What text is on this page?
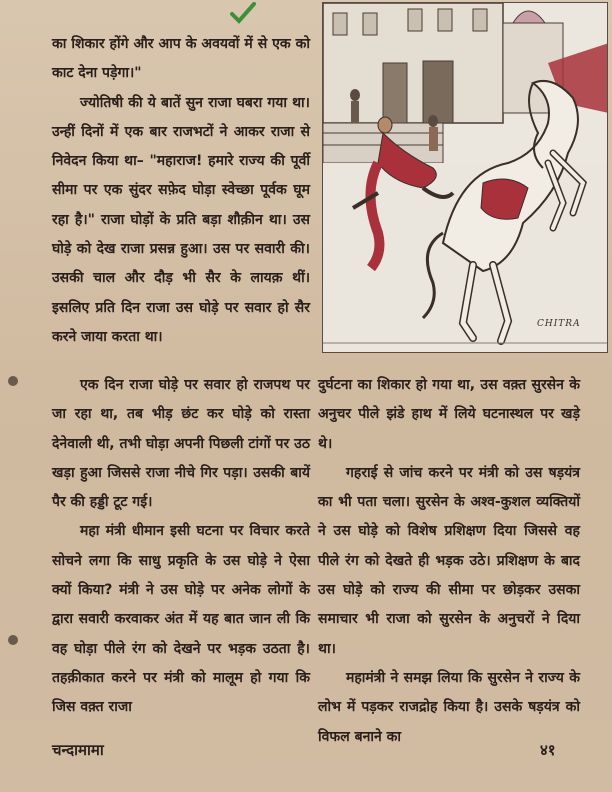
का शिकार होंगे और आप के अवयवों में से एक को काट देना पड़ेगा।"

ज्योतिषी की ये बातें सुन राजा घबरा गया था। उन्हीं दिनों में एक बार राजभटों ने आकर राजा से निवेदन किया था– "महाराज! हमारे राज्य की पूर्वी सीमा पर एक सुंदर सफ़ेद घोड़ा स्वेच्छा पूर्वक घूम रहा है।" राजा घोड़ों के प्रति बड़ा शौक़ीन था। उस घोड़े को देख राजा प्रसन्न हुआ। उस पर सवारी की। उसकी चाल और दौड़ भी सैर के लायक़ थीं। इसलिए प्रति दिन राजा उस घोड़े पर सवार हो सैर करने जाया करता था।

CHITRA

एक दिन राजा घोड़े पर सवार हो राजपथ पर जा रहा था, तब भीड़ छंट कर घोड़े को रास्ता देनेवाली थी, तभी घोड़ा अपनी पिछली टांगों पर उठ खड़ा हुआ जिससे राजा नीचे गिर पड़ा। उसकी बायें पैर की हड्डी टूट गई।

महा मंत्री धीमान इसी घटना पर विचार करते सोचने लगा कि साधु प्रकृति के उस घोड़े ने ऐसा क्यों किया? मंत्री ने उस घोड़े पर अनेक लोगों के द्वारा सवारी करवाकर अंत में यह बात जान ली कि वह घोड़ा पीले रंग को देखने पर भड़क उठता है। तहक़ीकात करने पर मंत्री को मालूम हो गया कि जिस वक़्त राजा

दुर्घटना का शिकार हो गया था, उस वक़्त सुरसेन के अनुचर पीले झंडे हाथ में लिये घटनास्थल पर खड़े थे।

गहराई से जांच करने पर मंत्री को उस षड़यंत्र का भी पता चला। सुरसेन के अश्व-कुशल व्यक्तियों ने उस घोड़े को विशेष प्रशिक्षण दिया जिससे वह पीले रंग को देखते ही भड़क उठे। प्रशिक्षण के बाद उस घोड़े को राज्य की सीमा पर छोड़कर उसका समाचार भी राजा को सुरसेन के अनुचरों ने दिया था।

महामंत्री ने समझ लिया कि सुरसेन ने राज्य के लोभ में पड़कर राजद्रोह किया है। उसके षड़यंत्र को विफल बनाने का

चन्दामामा	४१
